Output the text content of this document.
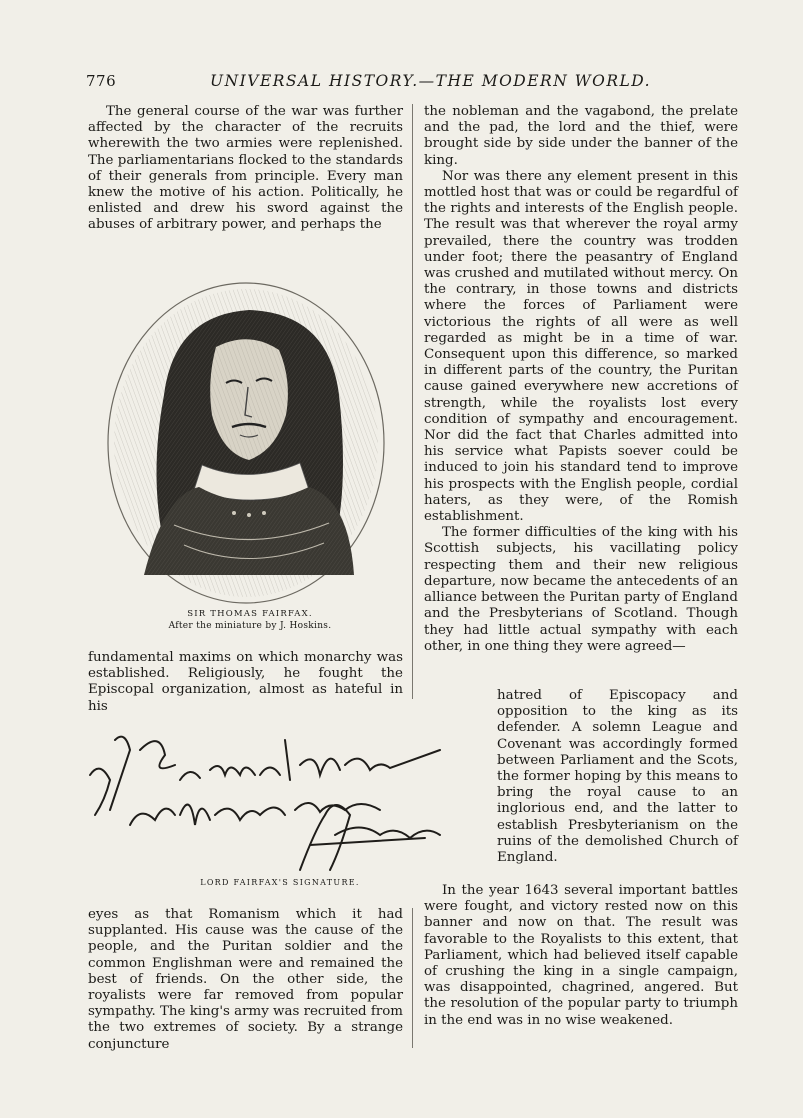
776	UNIVERSAL HISTORY.—THE MODERN WORLD.

The general course of the war was further affected by the character of the recruits wherewith the two armies were replenished. The parliamentarians flocked to the standards of their generals from principle. Every man knew the motive of his action. Politically, he enlisted and drew his sword against the abuses of arbitrary power, and perhaps the

SIR THOMAS FAIRFAX.
After the miniature by J. Hoskins.

fundamental maxims on which monarchy was established. Religiously, he fought the Episcopal organization, almost as hateful in his

LORD FAIRFAX'S SIGNATURE.

eyes as that Romanism which it had supplanted. His cause was the cause of the people, and the Puritan soldier and the common Englishman were and remained the best of friends. On the other side, the royalists were far removed from popular sympathy. The king's army was recruited from the two extremes of society. By a strange conjuncture

the nobleman and the vagabond, the prelate and the pad, the lord and the thief, were brought side by side under the banner of the king.

Nor was there any element present in this mottled host that was or could be regardful of the rights and interests of the English people. The result was that wherever the royal army prevailed, there the country was trodden under foot; there the peasantry of England was crushed and mutilated without mercy. On the contrary, in those towns and districts where the forces of Parliament were victorious the rights of all were as well regarded as might be in a time of war. Consequent upon this difference, so marked in different parts of the country, the Puritan cause gained everywhere new accretions of strength, while the royalists lost every condition of sympathy and encouragement. Nor did the fact that Charles admitted into his service what Papists soever could be induced to join his standard tend to improve his prospects with the English people, cordial haters, as they were, of the Romish establishment.

The former difficulties of the king with his Scottish subjects, his vacillating policy respecting them and their new religious departure, now became the antecedents of an alliance between the Puritan party of England and the Presbyterians of Scotland. Though they had little actual sympathy with each other, in one thing they were agreed—

hatred of Episcopacy and opposition to the king as its defender. A solemn League and Covenant was accordingly formed between Parliament and the Scots, the former hoping by this means to bring the royal cause to an inglorious end, and the latter to establish Presbyterianism on the ruins of the demolished Church of England.

In the year 1643 several important battles were fought, and victory rested now on this banner and now on that. The result was favorable to the Royalists to this extent, that Parliament, which had believed itself capable of crushing the king in a single campaign, was disappointed, chagrined, angered. But the resolution of the popular party to triumph in the end was in no wise weakened.
